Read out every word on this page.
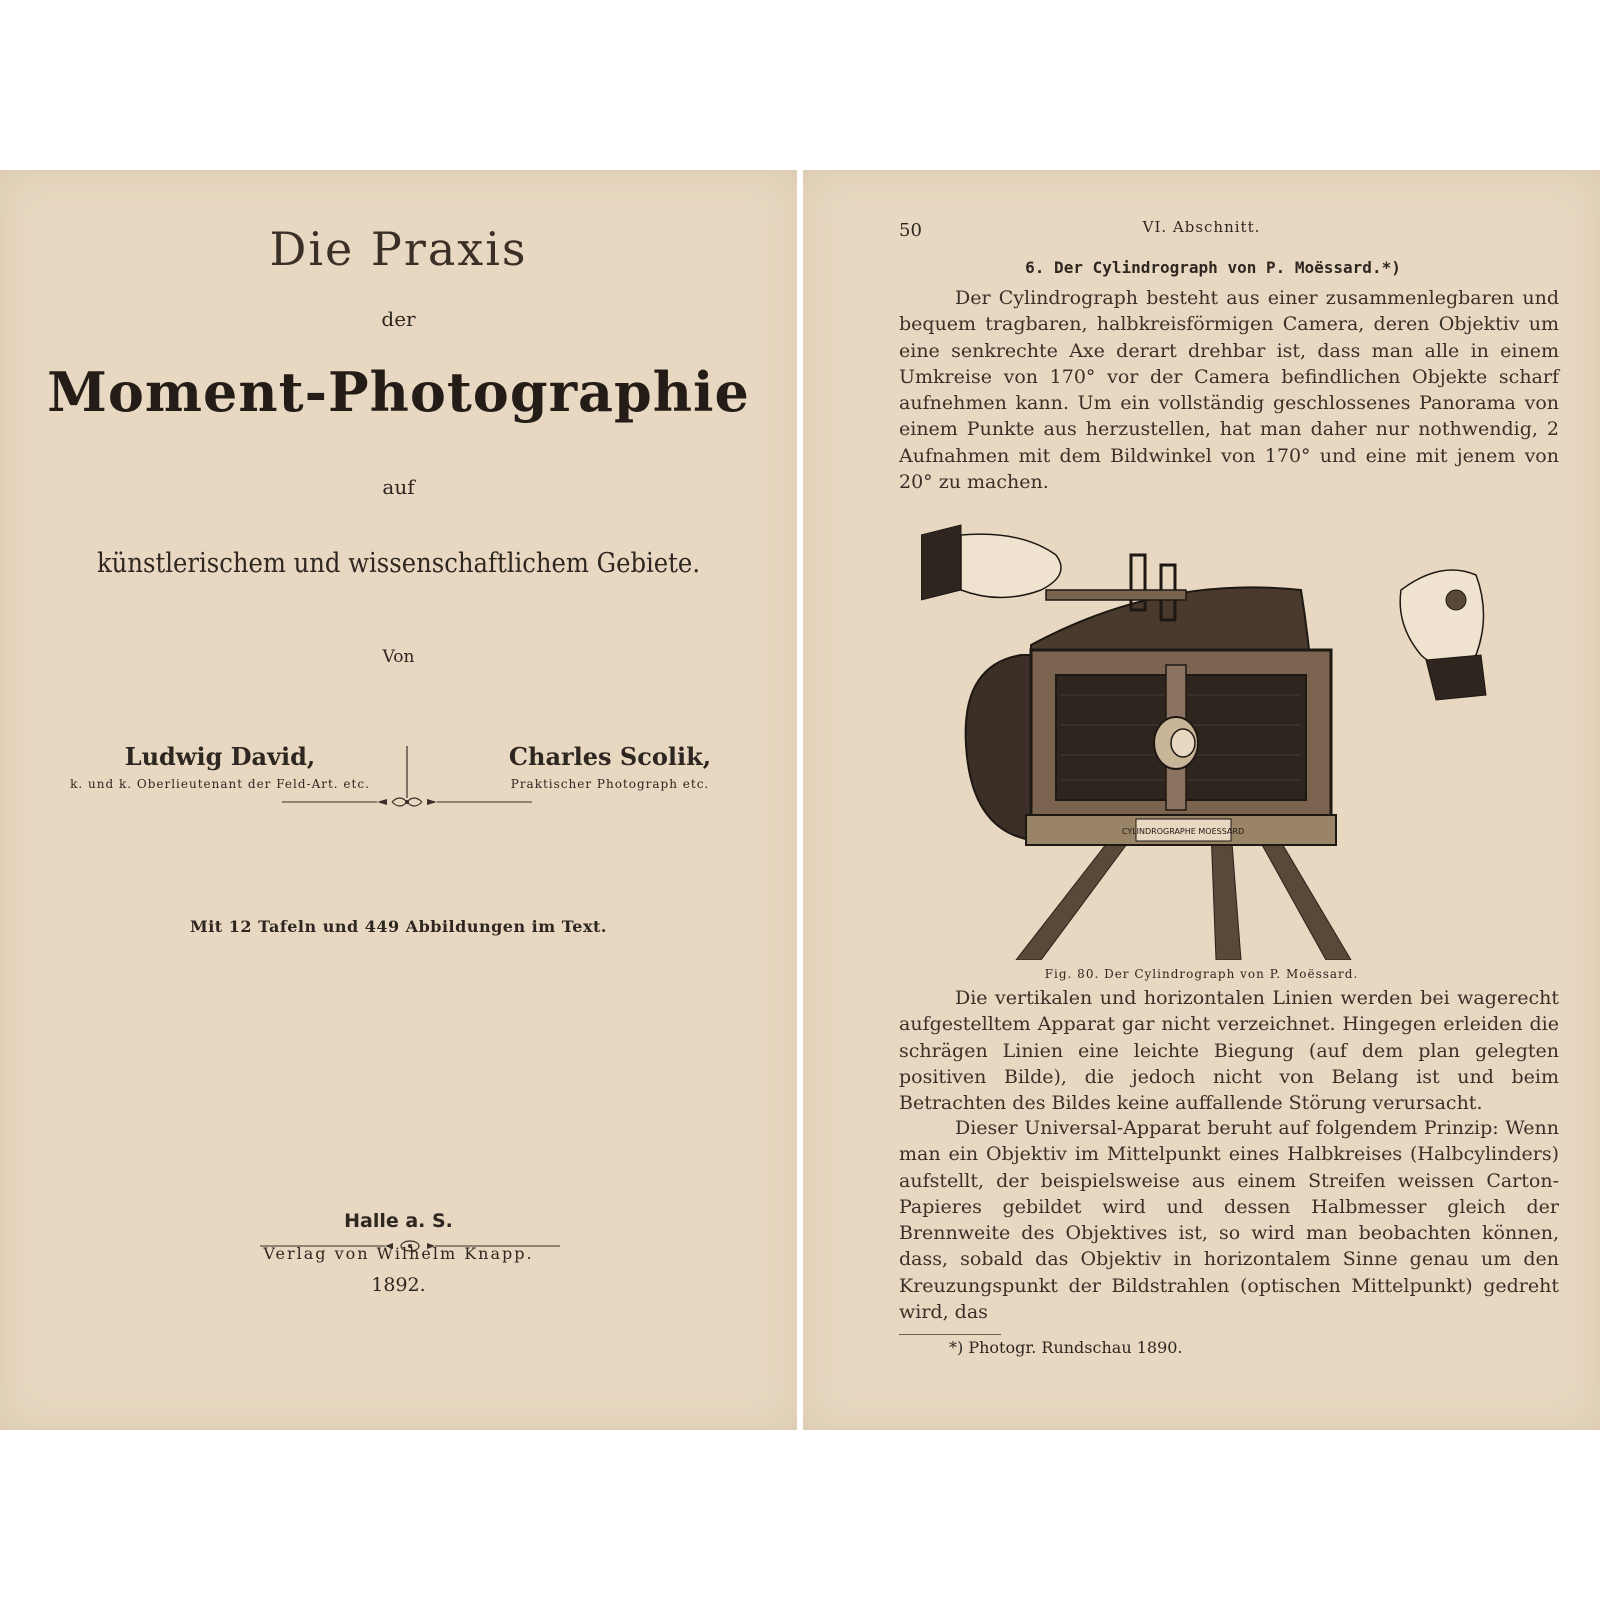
Die Praxis
der
Moment-Photographie
auf
künstlerischem und wissenschaftlichem Gebiete.
Von
Ludwig David,
k. und k. Oberlieutenant der Feld-Art. etc.
Charles Scolik,
Praktischer Photograph etc.
Mit 12 Tafeln und 449 Abbildungen im Text.
Halle a. S.
Verlag von Wilhelm Knapp.
1892.
50	VI. Abschnitt.
6. Der Cylindrograph von P. Moëssard.*)

Der Cylindrograph besteht aus einer zusammenlegbaren und bequem tragbaren, halbkreisförmigen Camera, deren Objektiv um eine senkrechte Axe derart drehbar ist, dass man alle in einem Umkreise von 170° vor der Camera befindlichen Objekte scharf aufnehmen kann. Um ein vollständig geschlossenes Panorama von einem Punkte aus herzustellen, hat man daher nur nothwendig, 2 Aufnahmen mit dem Bildwinkel von 170° und eine mit jenem von 20° zu machen.

CYLINDROGRAPHE MOESSARD
Fig. 80. Der Cylindrograph von P. Moëssard.

Die vertikalen und horizontalen Linien werden bei wagerecht aufgestelltem Apparat gar nicht verzeichnet. Hingegen erleiden die schrägen Linien eine leichte Biegung (auf dem plan gelegten positiven Bilde), die jedoch nicht von Belang ist und beim Betrachten des Bildes keine auffallende Störung verursacht.

Dieser Universal-Apparat beruht auf folgendem Prinzip: Wenn man ein Objektiv im Mittelpunkt eines Halbkreises (Halbcylinders) aufstellt, der beispielsweise aus einem Streifen weissen Carton-Papieres gebildet wird und dessen Halbmesser gleich der Brennweite des Objektives ist, so wird man beobachten können, dass, sobald das Objektiv in horizontalem Sinne genau um den Kreuzungspunkt der Bildstrahlen (optischen Mittelpunkt) gedreht wird, das

*) Photogr. Rundschau 1890.
